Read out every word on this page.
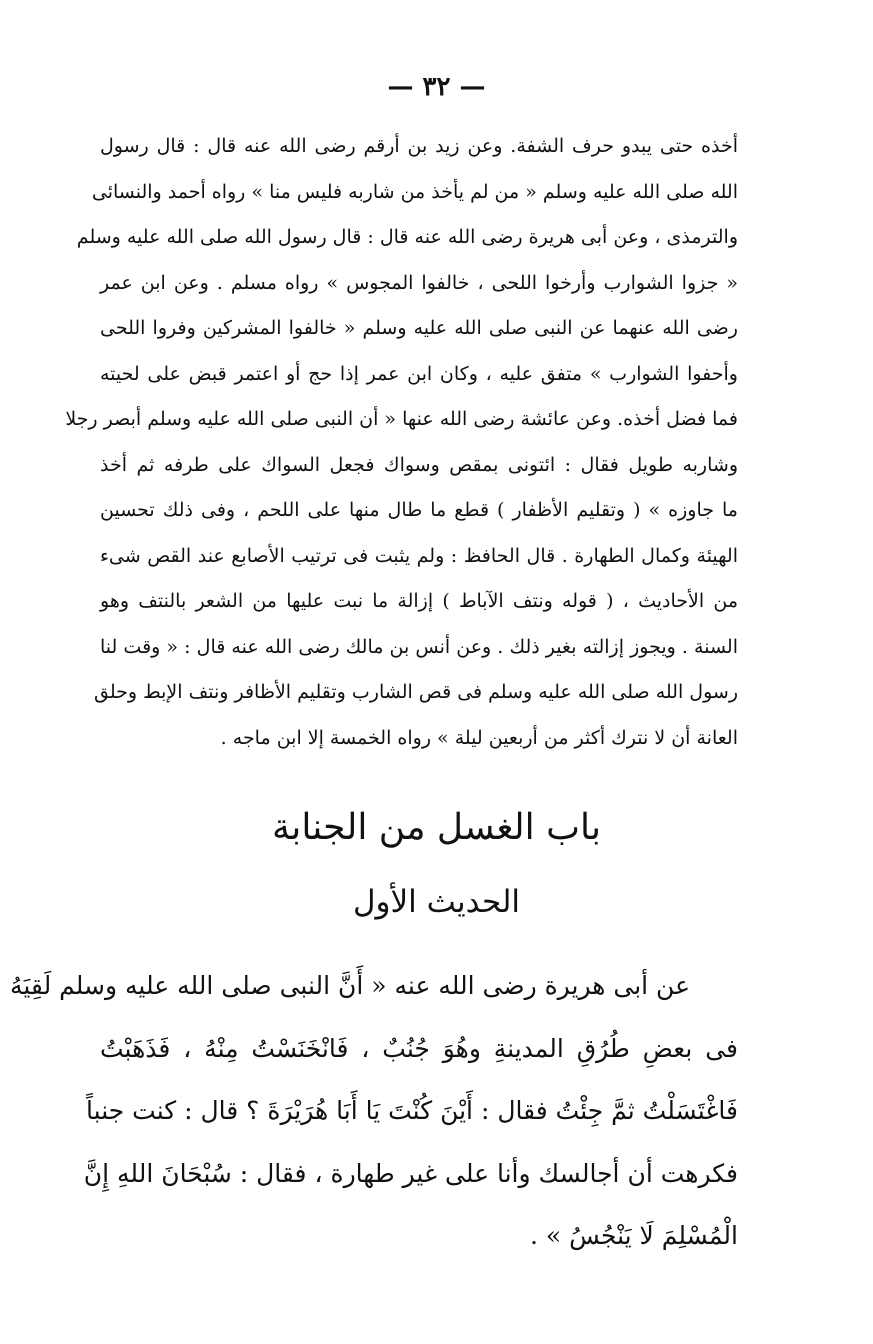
— ٣٢ —
أخذه حتى يبدو حرف الشفة. وعن زيد بن أرقم رضى الله عنه قال : قال رسول
الله صلى الله عليه وسلم « من لم يأخذ من شاربه فليس منا » رواه أحمد والنسائى
والترمذى ، وعن أبى هريرة رضى الله عنه قال : قال رسول الله صلى الله عليه وسلم
« جزوا الشوارب وأرخوا اللحى ، خالفوا المجوس » رواه مسلم . وعن ابن عمر
رضى الله عنهما عن النبى صلى الله عليه وسلم « خالفوا المشركين وفروا اللحى
وأحفوا الشوارب » متفق عليه ، وكان ابن عمر إذا حج أو اعتمر قبض على لحيته
فما فضل أخذه. وعن عائشة رضى الله عنها « أن النبى صلى الله عليه وسلم أبصر رجلا
وشاربه طويل فقال : ائتونى بمقص وسواك فجعل السواك على طرفه ثم أخذ
ما جاوزه » ( وتقليم الأظفار ) قطع ما طال منها على اللحم ، وفى ذلك تحسين
الهيئة وكمال الطهارة . قال الحافظ : ولم يثبت فى ترتيب الأصابع عند القص شىء
من الأحاديث ، ( قوله ونتف الآباط ) إزالة ما نبت عليها من الشعر بالنتف وهو
السنة . ويجوز إزالته بغير ذلك . وعن أنس بن مالك رضى الله عنه قال : « وقت لنا
رسول الله صلى الله عليه وسلم فى قص الشارب وتقليم الأظافر ونتف الإبط وحلق
العانة أن لا نترك أكثر من أربعين ليلة » رواه الخمسة إلا ابن ماجه .
باب الغسل من الجنابة
الحديث الأول
عن أبى هريرة رضى الله عنه « أَنَّ النبى صلى الله عليه وسلم لَقِيَهُ
فى بعضِ طُرُقِ المدينةِ وهُوَ جُنُبٌ ، فَانْخَنَسْتُ مِنْهُ ، فَذَهَبْتُ
فَاغْتَسَلْتُ ثمَّ جِئْتُ فقال : أَيْنَ كُنْتَ يَا أَبَا هُرَيْرَةَ ؟ قال : كنت جنباً
فكرهت أن أجالسك وأنا على غير طهارة ، فقال : سُبْحَانَ اللهِ إِنَّ
الْمُسْلِمَ لَا يَنْجُسُ » .
